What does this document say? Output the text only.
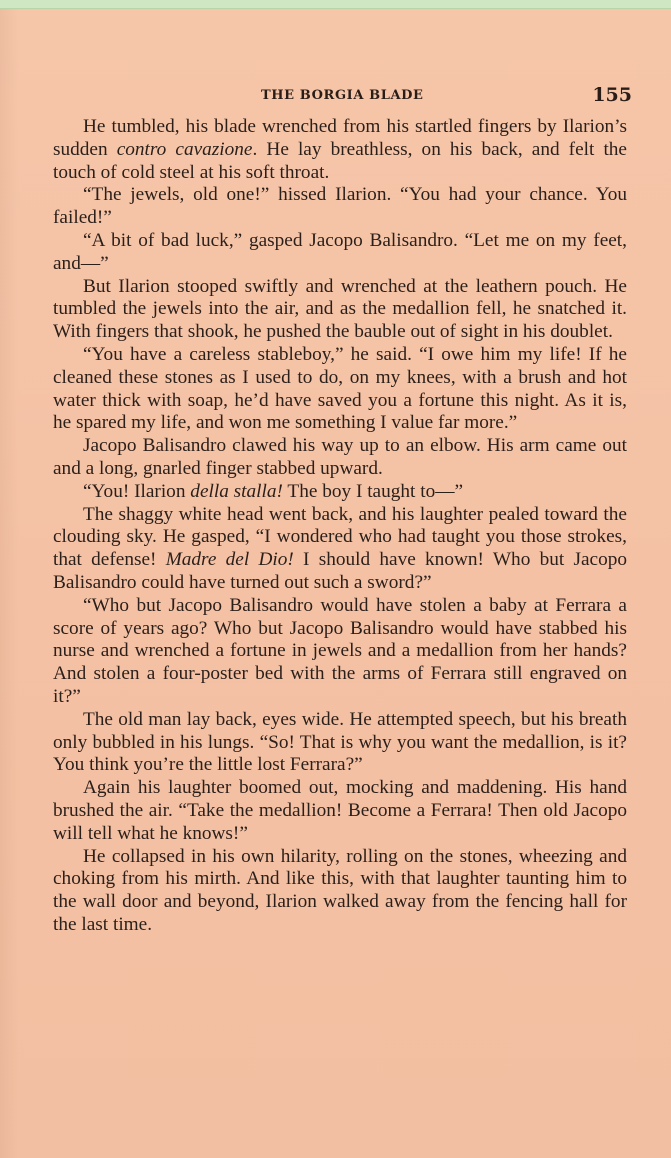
THE BORGIA BLADE	155

He tumbled, his blade wrenched from his startled fingers by Ilarion’s sudden contro cavazione. He lay breathless, on his back, and felt the touch of cold steel at his soft throat.

“The jewels, old one!” hissed Ilarion. “You had your chance. You failed!”

“A bit of bad luck,” gasped Jacopo Balisandro. “Let me on my feet, and—”

But Ilarion stooped swiftly and wrenched at the leathern pouch. He tumbled the jewels into the air, and as the medallion fell, he snatched it. With fingers that shook, he pushed the bauble out of sight in his doublet.

“You have a careless stableboy,” he said. “I owe him my life! If he cleaned these stones as I used to do, on my knees, with a brush and hot water thick with soap, he’d have saved you a fortune this night. As it is, he spared my life, and won me something I value far more.”

Jacopo Balisandro clawed his way up to an elbow. His arm came out and a long, gnarled finger stabbed upward.

“You! Ilarion della stalla! The boy I taught to—”

The shaggy white head went back, and his laughter pealed toward the clouding sky. He gasped, “I wondered who had taught you those strokes, that defense! Madre del Dio! I should have known! Who but Jacopo Balisandro could have turned out such a sword?”

“Who but Jacopo Balisandro would have stolen a baby at Ferrara a score of years ago? Who but Jacopo Balisandro would have stabbed his nurse and wrenched a fortune in jewels and a medallion from her hands? And stolen a four-poster bed with the arms of Ferrara still engraved on it?”

The old man lay back, eyes wide. He attempted speech, but his breath only bubbled in his lungs. “So! That is why you want the medallion, is it? You think you’re the little lost Ferrara?”

Again his laughter boomed out, mocking and maddening. His hand brushed the air. “Take the medallion! Become a Ferrara! Then old Jacopo will tell what he knows!”

He collapsed in his own hilarity, rolling on the stones, wheezing and choking from his mirth. And like this, with that laughter taunting him to the wall door and beyond, Ilarion walked away from the fencing hall for the last time.
